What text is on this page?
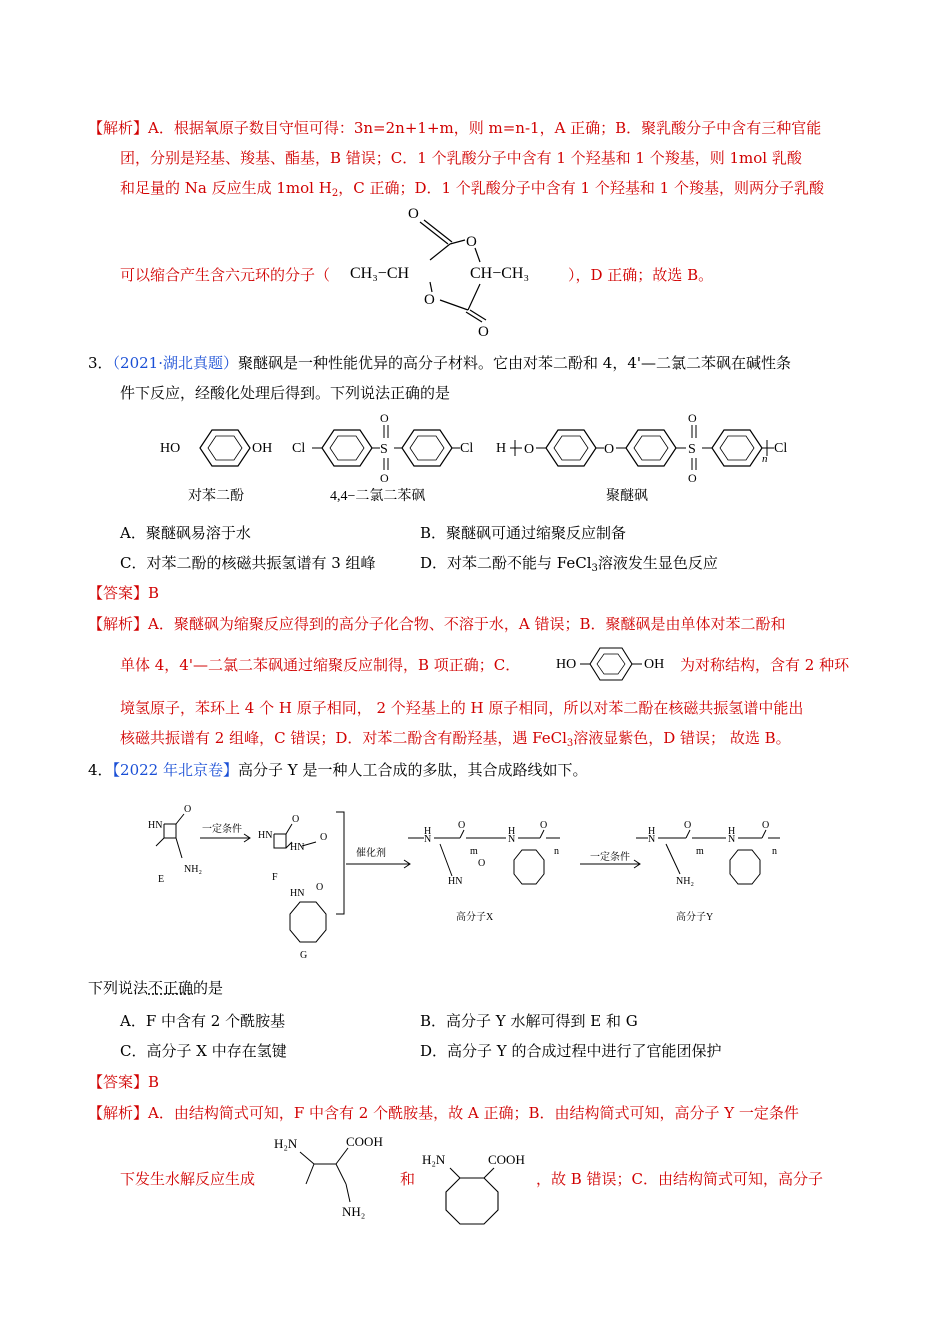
【解析】A．根据氧原子数目守恒可得：3n=2n+1+m，则 m=n-1，A 正确；B．聚乳酸分子中含有三种官能
团，分别是羟基、羧基、酯基，B 错误；C．1 个乳酸分子中含有 1 个羟基和 1 个羧基，则 1mol 乳酸
和足量的 Na 反应生成 1mol $H_2$，C 正确；D．1 个乳酸分子中含有 1 个羟基和 1 个羧基，则两分子乳酸
可以缩合产生含六元环的分子（
O
O
O
O
CH₃−CH	CH−CH₃	），D 正确；故选 B。
3．（2021·湖北真题）聚醚砜是一种性能优异的高分子材料。它由对苯二酚和 4，4'—二氯二苯砜在碱性条
件下反应，经酸化处理后得到。下列说法正确的是
HO	OH
对苯二酚
Cl	S
O
O
Cl
4,4−二氯二苯砜
H O	O	S
O
O
n
Cl
聚醚砜
A．聚醚砜易溶于水	B．聚醚砜可通过缩聚反应制备
C．对苯二酚的核磁共振氢谱有 3 组峰	D．对苯二酚不能与 FeCl$_3$溶液发生显色反应
【答案】B
【解析】A．聚醚砜为缩聚反应得到的高分子化合物、不溶于水，A 错误；B．聚醚砜是由单体对苯二酚和
单体 4，4'—二氯二苯砜通过缩聚反应制得，B 项正确；C．	HO	OH 为对称结构，含有 2 种环
境氢原子，苯环上 4 个 H 原子相同， 2 个羟基上的 H 原子相同，所以对苯二酚在核磁共振氢谱中能出
核磁共振谱有 2 组峰，C 错误；D．对苯二酚含有酚羟基，遇 FeCl$_3$溶液显紫色，D 错误； 故选 B。
4．【2022 年北京卷】高分子 Y 是一种人工合成的多肽，其合成路线如下。
HN
O
NH₂
E
一定条件
HN
O
HN
O
F
HN
O
G
催化剂
N
H
O
m
N
H
O
n
HN
O
高分子X
一定条件
N
H
O
m
N
H
O
n
NH₂
高分子Y
下列说法不正确的是
A．F 中含有 2 个酰胺基	B．高分子 Y 水解可得到 E 和 G
C．高分子 X 中存在氢键	D．高分子 Y 的合成过程中进行了官能团保护
【答案】B
【解析】A．由结构简式可知，F 中含有 2 个酰胺基，故 A 正确；B．由结构简式可知，高分子 Y 一定条件
下发生水解反应生成
H₂N	COOH
NH₂
和
H₂N	COOH
，故 B 错误；C．由结构简式可知，高分子
